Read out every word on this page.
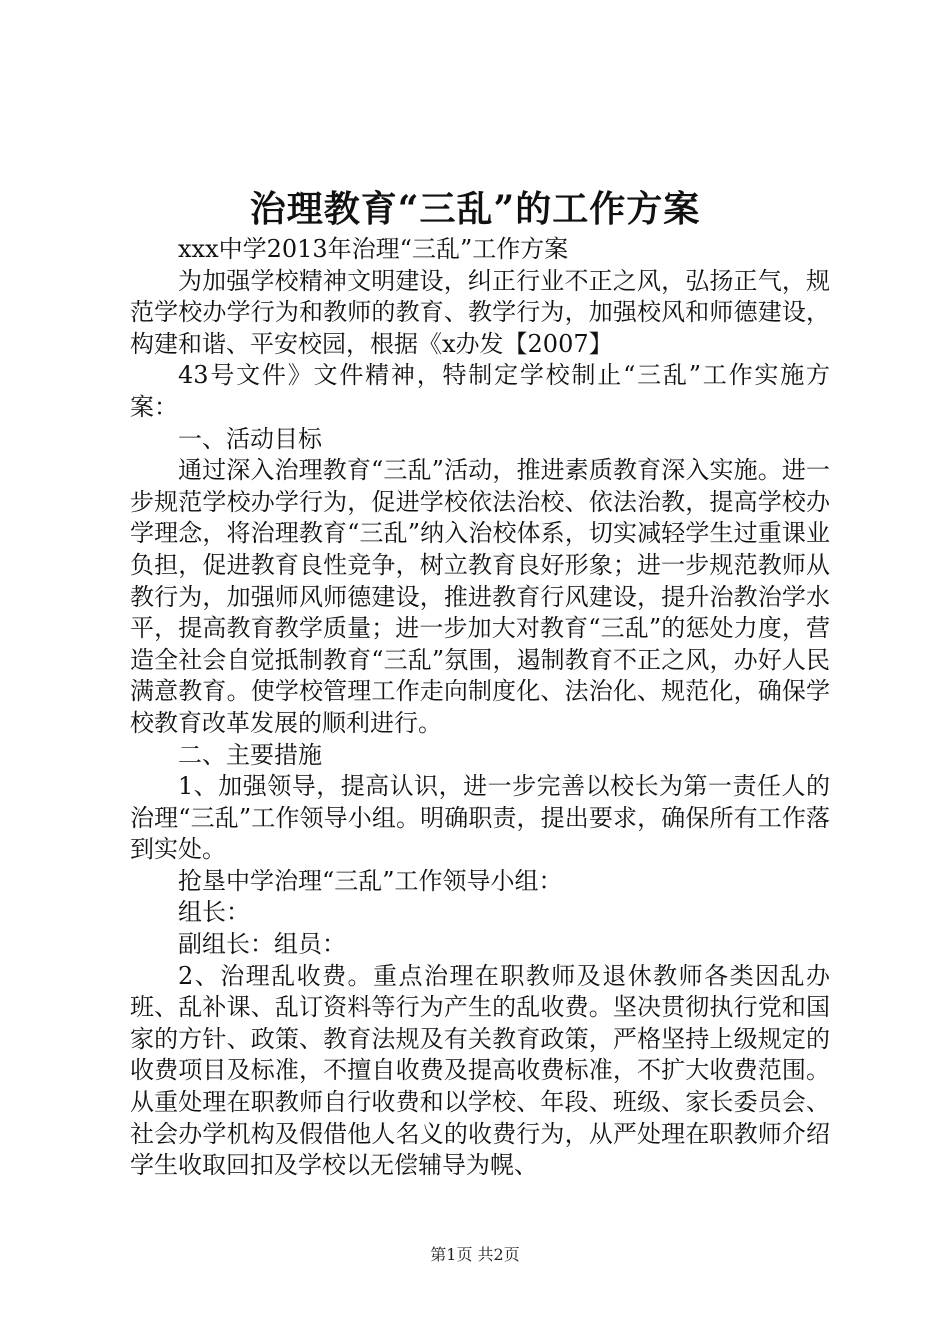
治理教育“三乱”的工作方案

xxx中学2013年治理“三乱”工作方案

为加强学校精神文明建设，纠正行业不正之风，弘扬正气，规范学校办学行为和教师的教育、教学行为，加强校风和师德建设，构建和谐、平安校园，根据《x办发【2007】

43号文件》文件精神，特制定学校制止“三乱”工作实施方案：

一、活动目标

通过深入治理教育“三乱”活动，推进素质教育深入实施。进一步规范学校办学行为，促进学校依法治校、依法治教，提高学校办学理念，将治理教育“三乱”纳入治校体系，切实减轻学生过重课业负担，促进教育良性竞争，树立教育良好形象；进一步规范教师从教行为，加强师风师德建设，推进教育行风建设，提升治教治学水平，提高教育教学质量；进一步加大对教育“三乱”的惩处力度，营造全社会自觉抵制教育“三乱”氛围，遏制教育不正之风，办好人民满意教育。使学校管理工作走向制度化、法治化、规范化，确保学校教育改革发展的顺利进行。

二、主要措施

1、加强领导，提高认识，进一步完善以校长为第一责任人的治理“三乱”工作领导小组。明确职责，提出要求，确保所有工作落到实处。

抢垦中学治理“三乱”工作领导小组：

组长：

副组长：组员：

2、治理乱收费。重点治理在职教师及退休教师各类因乱办班、乱补课、乱订资料等行为产生的乱收费。坚决贯彻执行党和国家的方针、政策、教育法规及有关教育政策，严格坚持上级规定的收费项目及标准，不擅自收费及提高收费标准，不扩大收费范围。从重处理在职教师自行收费和以学校、年段、班级、家长委员会、社会办学机构及假借他人名义的收费行为，从严处理在职教师介绍学生收取回扣及学校以无偿辅导为幌、

第1页 共2页
